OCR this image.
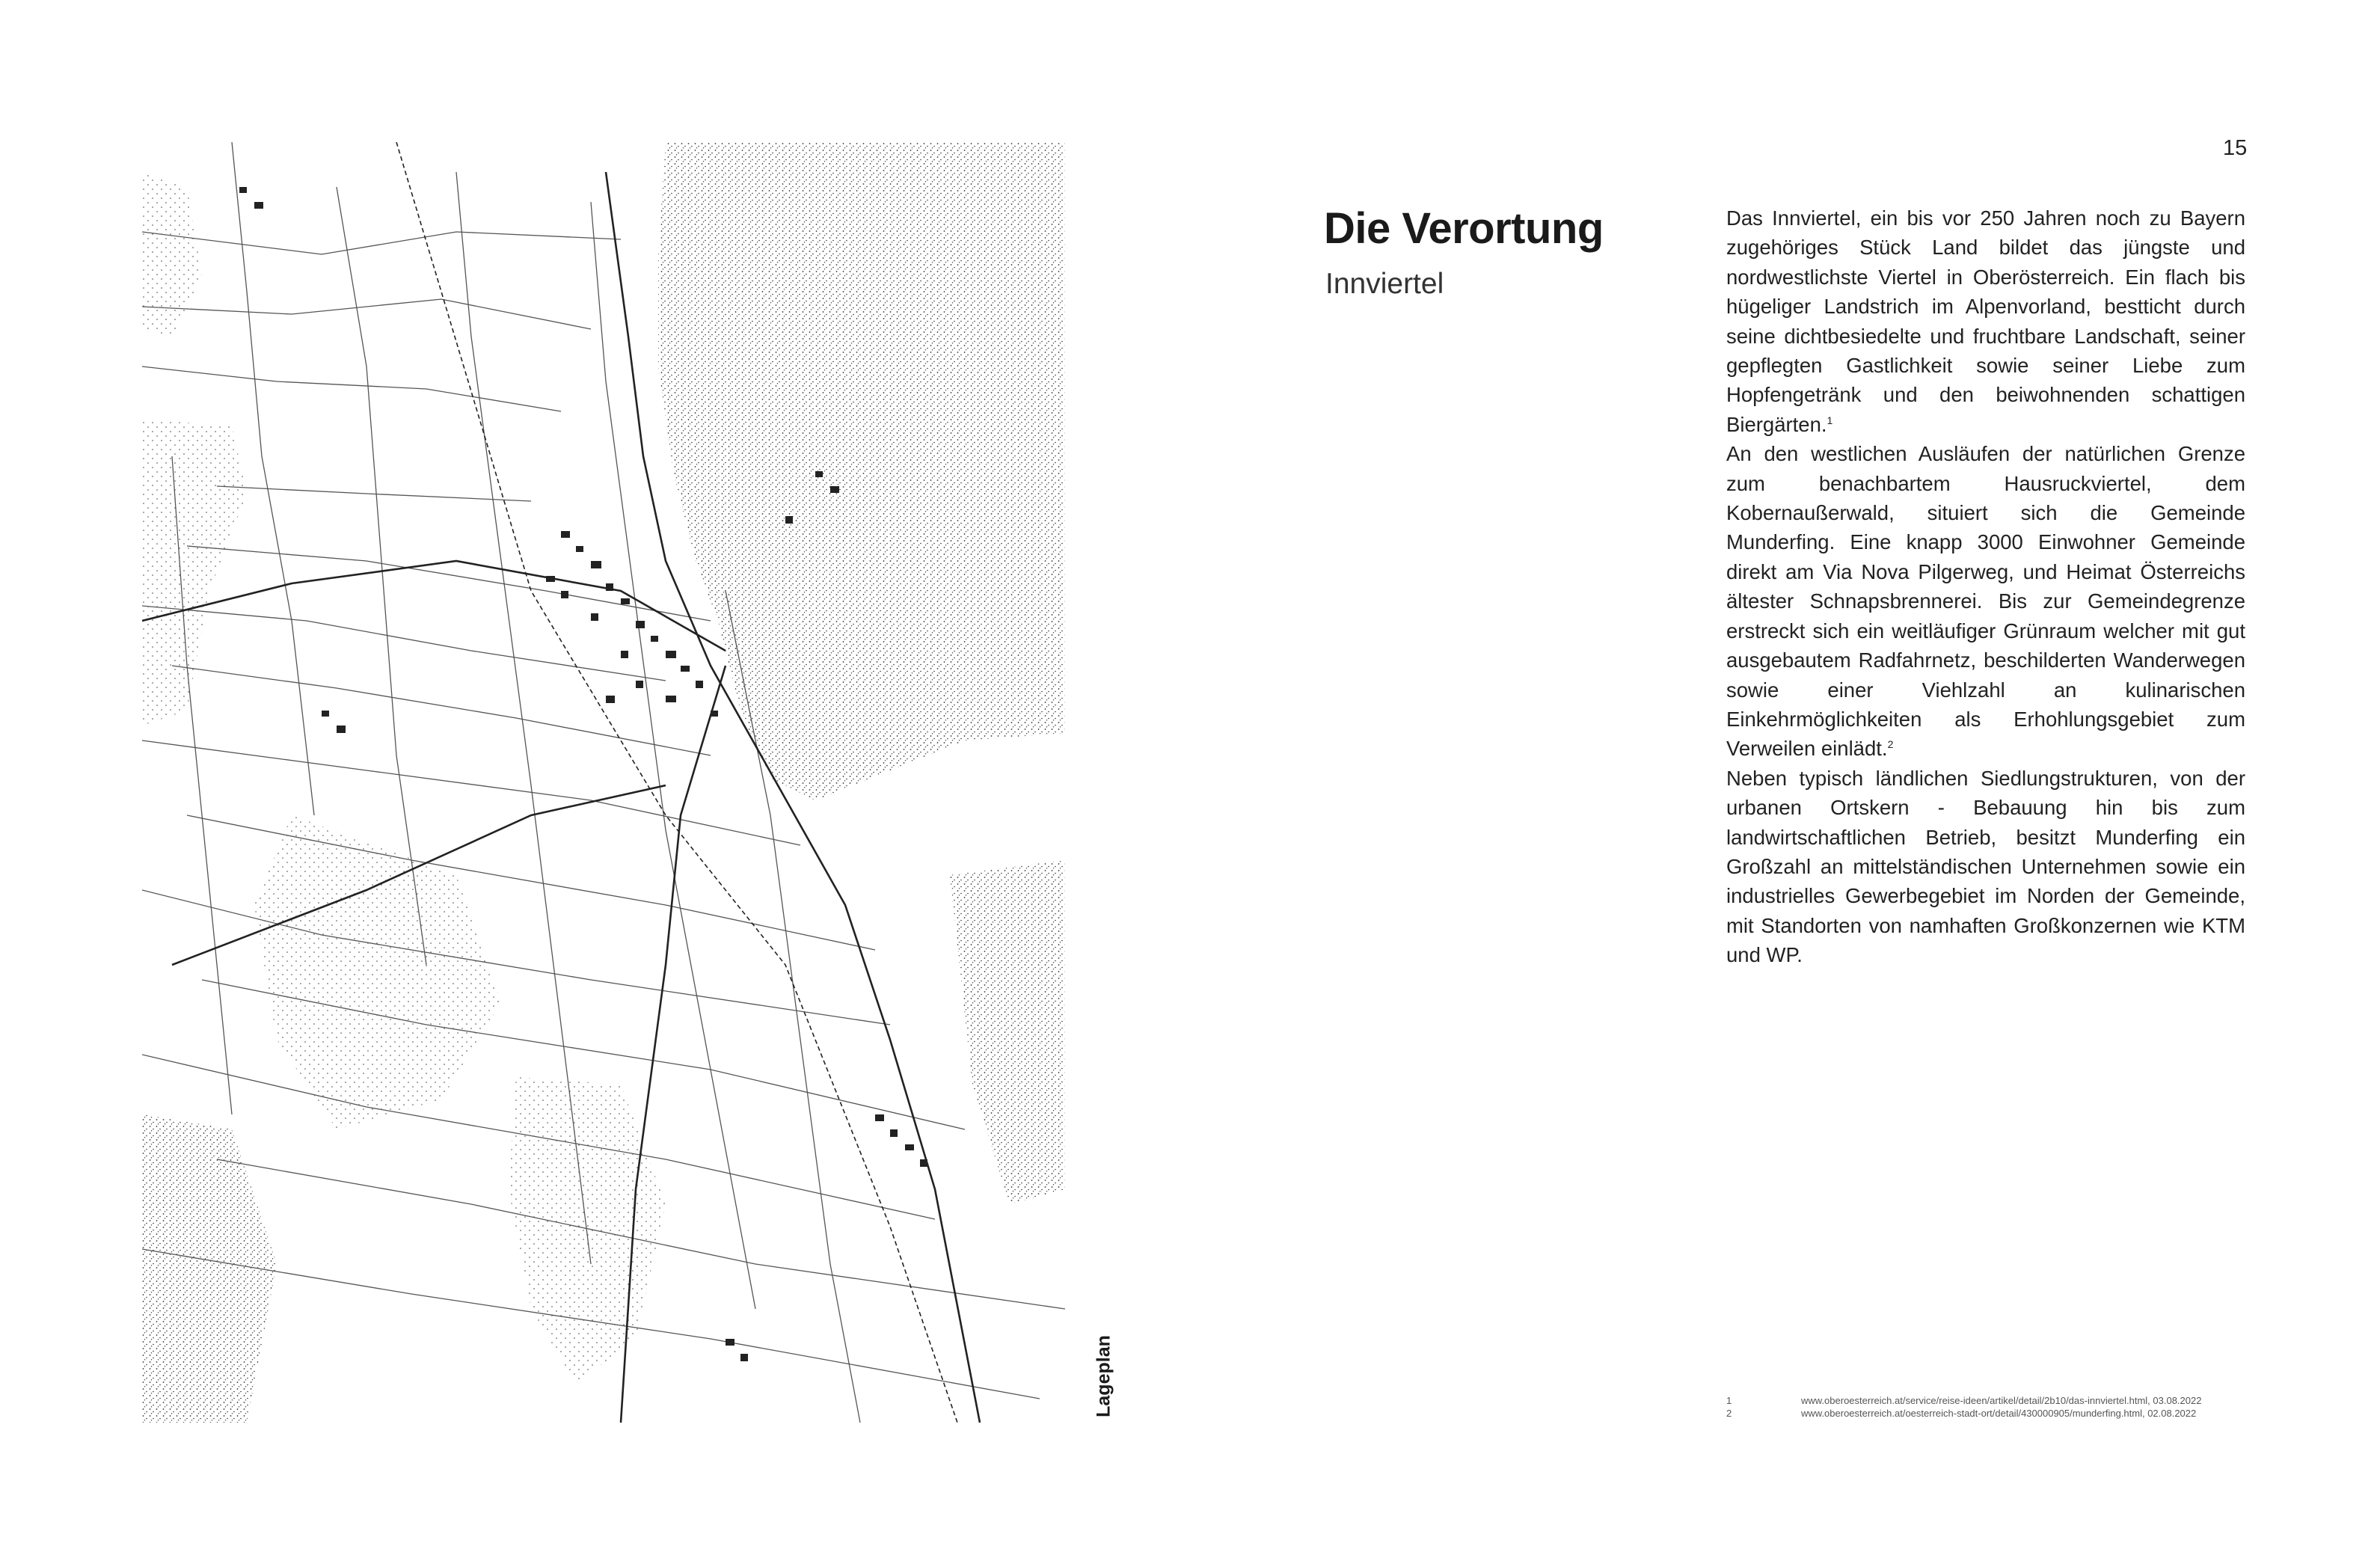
Lageplan
15
Die Verortung
Innviertel

Das Innviertel, ein bis vor 250 Jahren noch zu Bayern zugehöriges Stück Land bildet das jüngste und nordwestlichste Viertel in Oberösterreich. Ein flach bis hügeliger Landstrich im Alpenvorland, bestticht durch seine dichtbesiedelte und fruchtbare Landschaft, seiner gepflegten Gastlichkeit sowie seiner Liebe zum Hopfengetränk und den beiwohnenden schattigen Biergärten.$^1$

An den westlichen Ausläufen der natürlichen Grenze zum benachbartem Hausruckviertel, dem Kobernaußerwald, situiert sich die Gemeinde Munderfing. Eine knapp 3000 Einwohner Gemeinde direkt am Via Nova Pilgerweg, und Heimat Österreichs ältester Schnapsbrennerei. Bis zur Gemeindegrenze erstreckt sich ein weitläufiger Grünraum welcher mit gut ausgebautem Radfahrnetz, beschilderten Wanderwegen sowie einer Viehlzahl an kulinarischen Einkehrmöglichkeiten als Erhohlungsgebiet zum Verweilen einlädt.$^2$

Neben typisch ländlichen Siedlungstrukturen, von der urbanen Ortskern - Bebauung hin bis zum landwirtschaftlichen Betrieb, besitzt Munderfing ein Großzahl an mittelständischen Unternehmen sowie ein industrielles Gewerbegebiet im Norden der Gemeinde, mit Standorten von namhaften Großkonzernen wie KTM und WP.

1	www.oberoesterreich.at/service/reise-ideen/artikel/detail/2b10/das-innviertel.html, 03.08.2022
2	www.oberoesterreich.at/oesterreich-stadt-ort/detail/430000905/munderfing.html, 02.08.2022
